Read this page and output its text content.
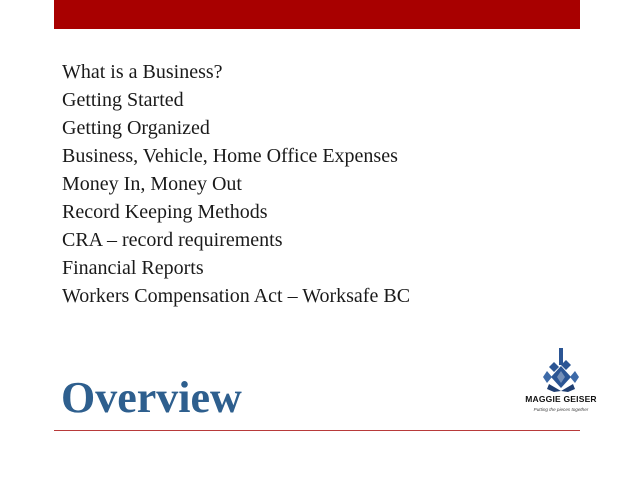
What is a Business?
Getting Started
Getting Organized
Business, Vehicle, Home Office Expenses
Money In, Money Out
Record Keeping Methods
CRA – record requirements
Financial Reports
Workers Compensation Act – Worksafe BC
Overview	MAGGIE GEISER
Putting the pieces together
